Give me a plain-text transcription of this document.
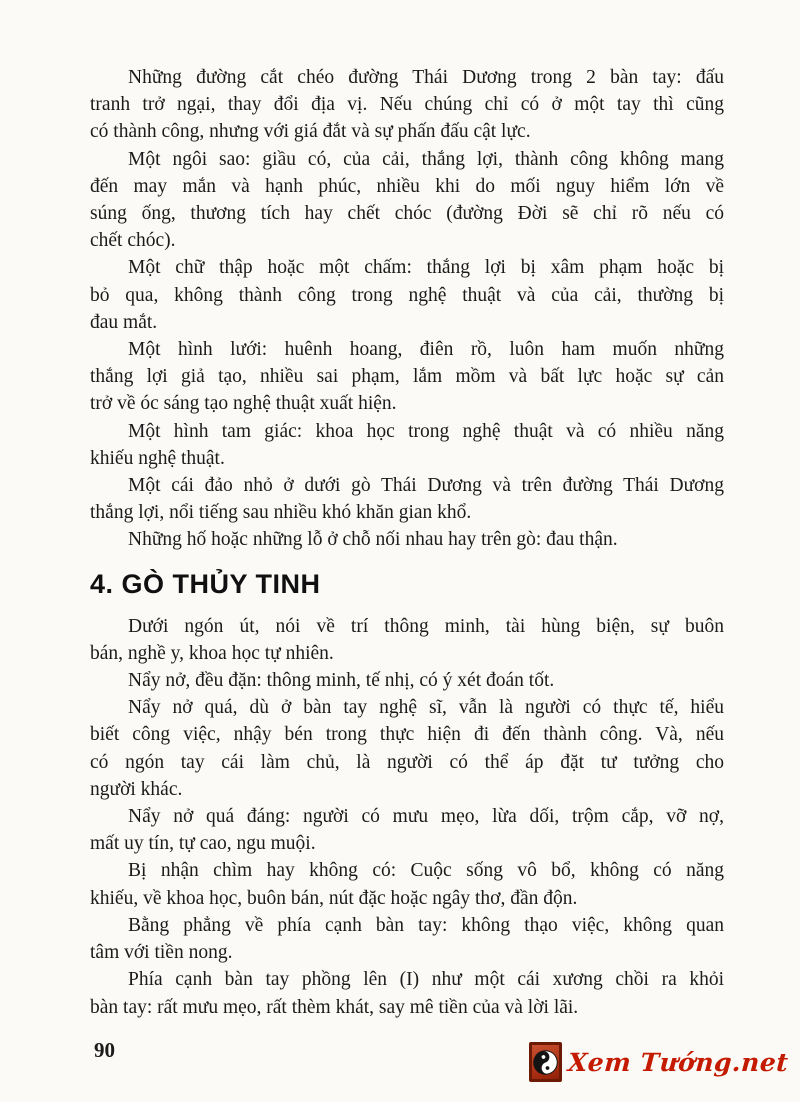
Những đường cắt chéo đường Thái Dương trong 2 bàn tay: đấu
tranh trở ngại, thay đổi địa vị. Nếu chúng chỉ có ở một tay thì cũng
có thành công, nhưng với giá đắt và sự phấn đấu cật lực.

Một ngôi sao: giầu có, của cải, thắng lợi, thành công không mang
đến may mắn và hạnh phúc, nhiều khi do mối nguy hiểm lớn về
súng ống, thương tích hay chết chóc (đường Đời sẽ chỉ rõ nếu có
chết chóc).

Một chữ thập hoặc một chấm: thắng lợi bị xâm phạm hoặc bị
bỏ qua, không thành công trong nghệ thuật và của cải, thường bị
đau mắt.

Một hình lưới: huênh hoang, điên rồ, luôn ham muốn những
thắng lợi giả tạo, nhiều sai phạm, lắm mồm và bất lực hoặc sự cản
trở về óc sáng tạo nghệ thuật xuất hiện.

Một hình tam giác: khoa học trong nghệ thuật và có nhiều năng
khiếu nghệ thuật.

Một cái đảo nhỏ ở dưới gò Thái Dương và trên đường Thái Dương
thắng lợi, nổi tiếng sau nhiều khó khăn gian khổ.

Những hố hoặc những lỗ ở chỗ nối nhau hay trên gò: đau thận.

4. GÒ THỦY TINH

Dưới ngón út, nói về trí thông minh, tài hùng biện, sự buôn
bán, nghề y, khoa học tự nhiên.

Nẩy nở, đều đặn: thông minh, tế nhị, có ý xét đoán tốt.

Nẩy nở quá, dù ở bàn tay nghệ sĩ, vẫn là người có thực tế, hiểu
biết công việc, nhậy bén trong thực hiện đi đến thành công. Và, nếu
có ngón tay cái làm chủ, là người có thể áp đặt tư tưởng cho
người khác.

Nẩy nở quá đáng: người có mưu mẹo, lừa dối, trộm cắp, vỡ nợ,
mất uy tín, tự cao, ngu muội.

Bị nhận chìm hay không có: Cuộc sống vô bổ, không có năng
khiếu, về khoa học, buôn bán, nút đặc hoặc ngây thơ, đần độn.

Bằng phẳng về phía cạnh bàn tay: không thạo việc, không quan
tâm với tiền nong.

Phía cạnh bàn tay phồng lên (I) như một cái xương chồi ra khỏi
bàn tay: rất mưu mẹo, rất thèm khát, say mê tiền của và lời lãi.

90	Xem Tướng.net
